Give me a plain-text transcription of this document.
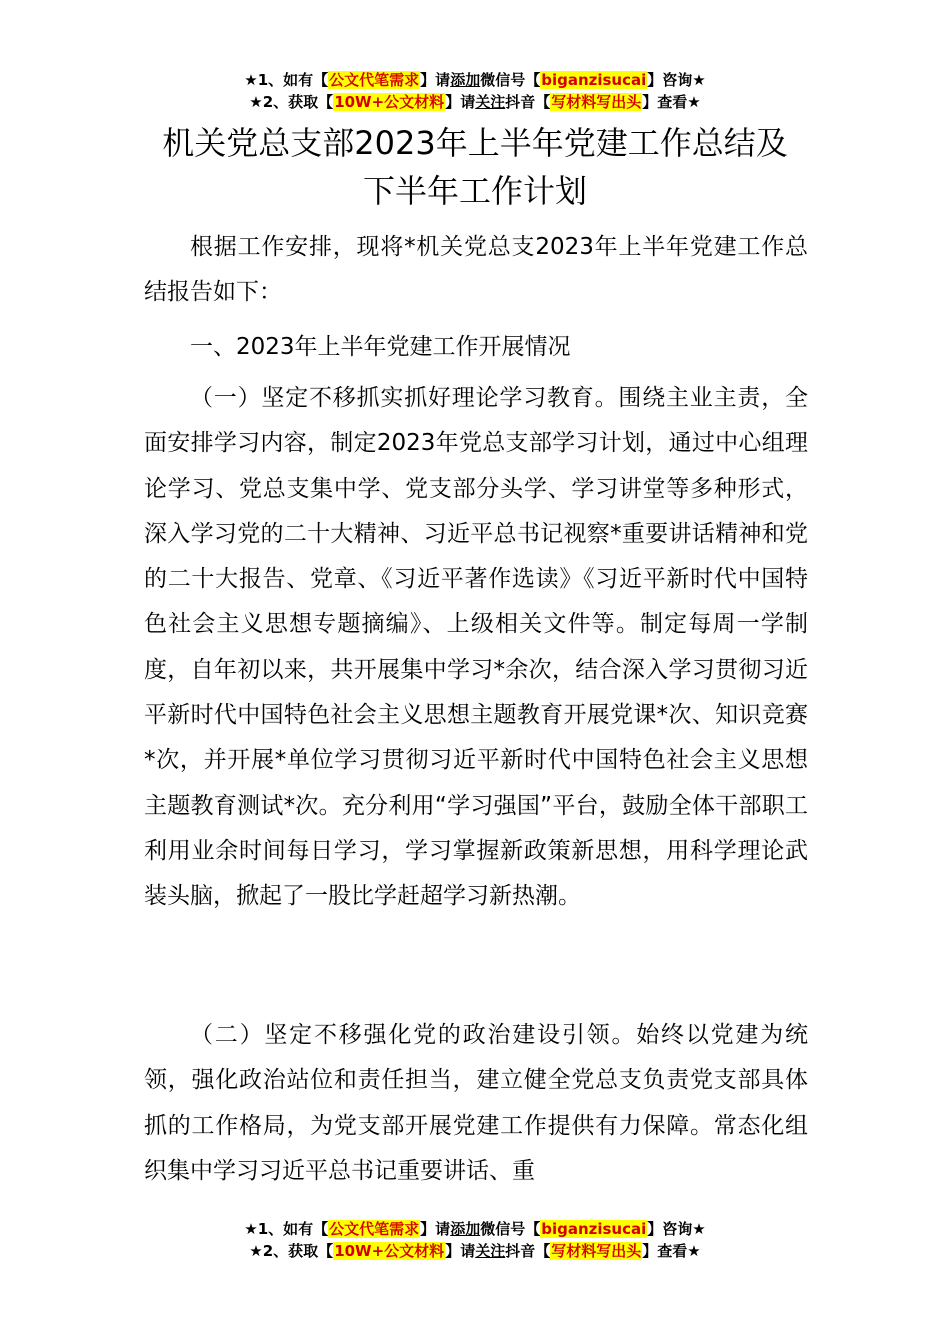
★1、如有【公文代笔需求】请添加微信号【biganzisucai】咨询★
★2、获取【10W+公文材料】请关注抖音【写材料写出头】查看★
机关党总支部2023年上半年党建工作总结及
下半年工作计划

根据工作安排，现将*机关党总支2023年上半年党建工作总结报告如下：

一、2023年上半年党建工作开展情况

（一）坚定不移抓实抓好理论学习教育。围绕主业主责，全面安排学习内容，制定2023年党总支部学习计划，通过中心组理论学习、党总支集中学、党支部分头学、学习讲堂等多种形式，深入学习党的二十大精神、习近平总书记视察*重要讲话精神和党的二十大报告、党章、《习近平著作选读》《习近平新时代中国特色社会主义思想专题摘编》、上级相关文件等。制定每周一学制度，自年初以来，共开展集中学习*余次，结合深入学习贯彻习近平新时代中国特色社会主义思想主题教育开展党课*次、知识竞赛*次，并开展*单位学习贯彻习近平新时代中国特色社会主义思想主题教育测试*次。充分利用“学习强国”平台，鼓励全体干部职工利用业余时间每日学习，学习掌握新政策新思想，用科学理论武装头脑，掀起了一股比学赶超学习新热潮。

（二）坚定不移强化党的政治建设引领。始终以党建为统领，强化政治站位和责任担当，建立健全党总支负责党支部具体抓的工作格局，为党支部开展党建工作提供有力保障。常态化组织集中学习习近平总书记重要讲话、重

★1、如有【公文代笔需求】请添加微信号【biganzisucai】咨询★
★2、获取【10W+公文材料】请关注抖音【写材料写出头】查看★
